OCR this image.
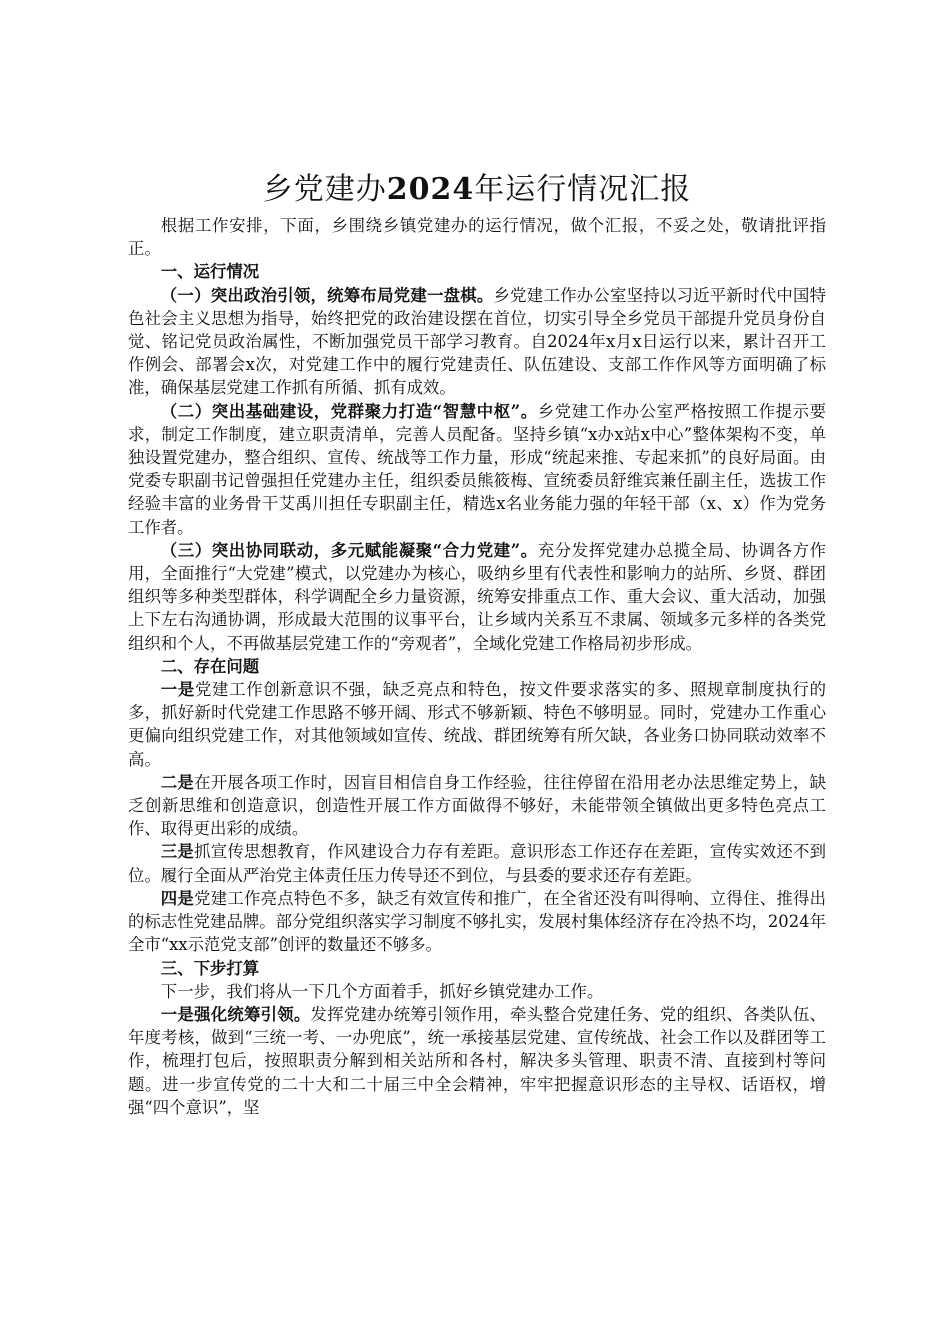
乡党建办2024年运行情况汇报

根据工作安排，下面，乡围绕乡镇党建办的运行情况，做个汇报，不妥之处，敬请批评指正。

一、运行情况

（一）突出政治引领，统筹布局党建一盘棋。乡党建工作办公室坚持以习近平新时代中国特色社会主义思想为指导，始终把党的政治建设摆在首位，切实引导全乡党员干部提升党员身份自觉、铭记党员政治属性，不断加强党员干部学习教育。自2024年x月x日运行以来，累计召开工作例会、部署会x次，对党建工作中的履行党建责任、队伍建设、支部工作作风等方面明确了标准，确保基层党建工作抓有所循、抓有成效。

（二）突出基础建设，党群聚力打造“智慧中枢”。乡党建工作办公室严格按照工作提示要求，制定工作制度，建立职责清单，完善人员配备。坚持乡镇“x办x站x中心”整体架构不变，单独设置党建办，整合组织、宣传、统战等工作力量，形成“统起来推、专起来抓”的良好局面。由党委专职副书记曾强担任党建办主任，组织委员熊筱梅、宣统委员舒维宾兼任副主任，选拔工作经验丰富的业务骨干艾禹川担任专职副主任，精选x名业务能力强的年轻干部（x、x）作为党务工作者。

（三）突出协同联动，多元赋能凝聚“合力党建”。充分发挥党建办总揽全局、协调各方作用，全面推行“大党建”模式，以党建办为核心，吸纳乡里有代表性和影响力的站所、乡贤、群团组织等多种类型群体，科学调配全乡力量资源，统筹安排重点工作、重大会议、重大活动，加强上下左右沟通协调，形成最大范围的议事平台，让乡域内关系互不隶属、领域多元多样的各类党组织和个人，不再做基层党建工作的“旁观者”，全域化党建工作格局初步形成。

二、存在问题

一是党建工作创新意识不强，缺乏亮点和特色，按文件要求落实的多、照规章制度执行的多，抓好新时代党建工作思路不够开阔、形式不够新颖、特色不够明显。同时，党建办工作重心更偏向组织党建工作，对其他领域如宣传、统战、群团统筹有所欠缺，各业务口协同联动效率不高。

二是在开展各项工作时，因盲目相信自身工作经验，往往停留在沿用老办法思维定势上，缺乏创新思维和创造意识，创造性开展工作方面做得不够好，未能带领全镇做出更多特色亮点工作、取得更出彩的成绩。

三是抓宣传思想教育，作风建设合力存有差距。意识形态工作还存在差距，宣传实效还不到位。履行全面从严治党主体责任压力传导还不到位，与县委的要求还存有差距。

四是党建工作亮点特色不多，缺乏有效宣传和推广，在全省还没有叫得响、立得住、推得出的标志性党建品牌。部分党组织落实学习制度不够扎实，发展村集体经济存在冷热不均，2024年全市“xx示范党支部”创评的数量还不够多。

三、下步打算

下一步，我们将从一下几个方面着手，抓好乡镇党建办工作。

一是强化统筹引领。发挥党建办统筹引领作用，牵头整合党建任务、党的组织、各类队伍、年度考核，做到“三统一考、一办兜底”，统一承接基层党建、宣传统战、社会工作以及群团等工作，梳理打包后，按照职责分解到相关站所和各村，解决多头管理、职责不清、直接到村等问题。进一步宣传党的二十大和二十届三中全会精神，牢牢把握意识形态的主导权、话语权，增强“四个意识”，坚
